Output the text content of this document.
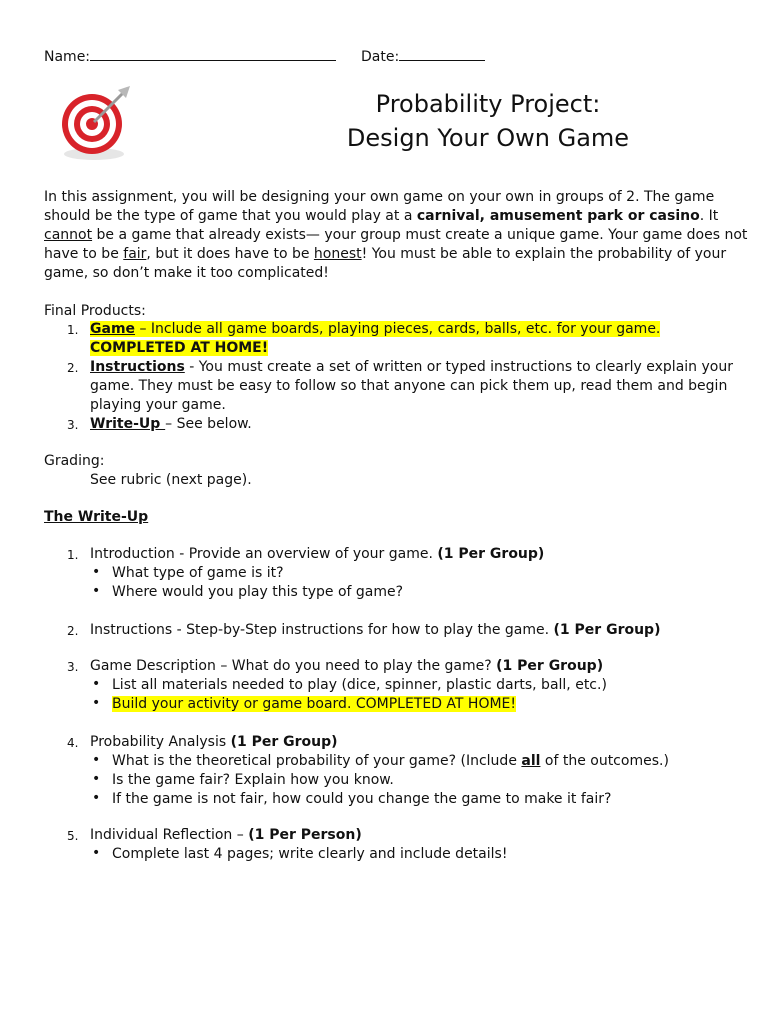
Name:	Date:
Probability Project:
Design Your Own Game
In this assignment, you will be designing your own game on your own in groups of 2. The game
should be the type of game that you would play at a carnival, amusement park or casino. It
cannot be a game that already exists— your group must create a unique game. Your game does not
have to be fair, but it does have to be honest! You must be able to explain the probability of your
game, so don’t make it too complicated!
Final Products:
1. Game – Include all game boards, playing pieces, cards, balls, etc. for your game.
COMPLETED AT HOME!
2. Instructions - You must create a set of written or typed instructions to clearly explain your
game. They must be easy to follow so that anyone can pick them up, read them and begin
playing your game.
3. Write-Up – See below.
Grading:
See rubric (next page).
The Write-Up
1. Introduction - Provide an overview of your game. (1 Per Group)
• What type of game is it?
• Where would you play this type of game?
2. Instructions - Step-by-Step instructions for how to play the game. (1 Per Group)
3. Game Description – What do you need to play the game? (1 Per Group)
• List all materials needed to play (dice, spinner, plastic darts, ball, etc.)
• Build your activity or game board. COMPLETED AT HOME!
4. Probability Analysis (1 Per Group)
• What is the theoretical probability of your game? (Include all of the outcomes.)
• Is the game fair? Explain how you know.
• If the game is not fair, how could you change the game to make it fair?
5. Individual Reflection – (1 Per Person)
• Complete last 4 pages; write clearly and include details!
